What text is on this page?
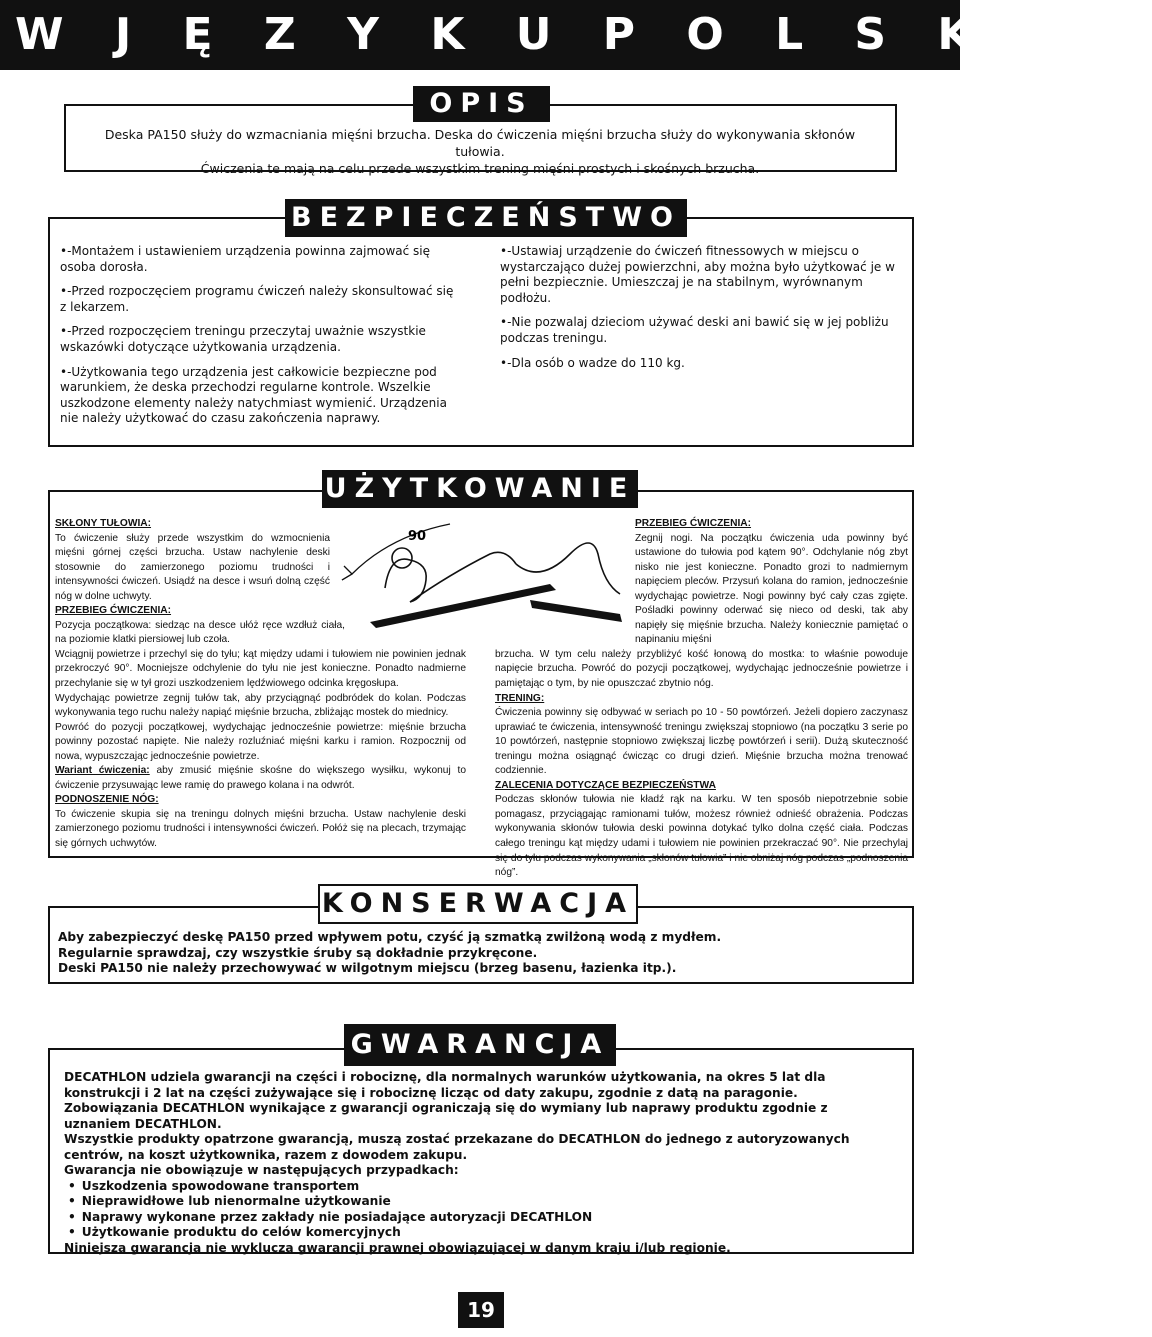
W J Ę Z Y K U P O L S K I M
OPIS

Deska PA150 służy do wzmacniania mięśni brzucha. Deska do ćwiczenia mięśni brzucha służy do wykonywania skłonów tułowia.

Ćwiczenia te mają na celu przede wszystkim trening mięśni prostych i skośnych brzucha.

BEZPIECZEŃSTWO

•-Montażem i ustawieniem urządzenia powinna zajmować się osoba dorosła.

•-Przed rozpoczęciem programu ćwiczeń należy skonsultować się z lekarzem.

•-Przed rozpoczęciem treningu przeczytaj uważnie wszystkie wskazówki dotyczące użytkowania urządzenia.

•-Użytkowania tego urządzenia jest całkowicie bezpieczne pod warunkiem, że deska przechodzi regularne kontrole. Wszelkie uszkodzone elementy należy natychmiast wymienić. Urządzenia nie należy użytkować do czasu zakończenia naprawy.

•-Ustawiaj urządzenie do ćwiczeń fitnessowych w miejscu o wystarczająco dużej powierzchni, aby można było użytkować je w pełni bezpiecznie. Umieszczaj je na stabilnym, wyrównanym podłożu.

•-Nie pozwalaj dzieciom używać deski ani bawić się w jej pobliżu podczas treningu.

•-Dla osób o wadze do 110 kg.

UŻYTKOWANIE
90

SKŁONY TUŁOWIA:

To ćwiczenie służy przede wszystkim do wzmocnienia mięśni górnej części brzucha. Ustaw nachylenie deski stosownie do zamierzonego poziomu trudności i intensywności ćwiczeń. Usiądź na desce i wsuń dolną część nóg w dolne uchwyty.

PRZEBIEG ĆWICZENIA:

Pozycja początkowa: siedząc na desce ułóż ręce wzdłuż ciała, na poziomie klatki piersiowej lub czoła.

Wciągnij powietrze i przechyl się do tyłu; kąt między udami i tułowiem nie powinien jednak przekroczyć 90°. Mocniejsze odchylenie do tyłu nie jest konieczne. Ponadto nadmierne przechylanie się w tył grozi uszkodzeniem lędźwiowego odcinka kręgosłupa.

Wydychając powietrze zegnij tułów tak, aby przyciągnąć podbródek do kolan. Podczas wykonywania tego ruchu należy napiąć mięśnie brzucha, zbliżając mostek do miednicy.

Powróć do pozycji początkowej, wydychając jednocześnie powietrze: mięśnie brzucha powinny pozostać napięte. Nie należy rozluźniać mięśni karku i ramion. Rozpocznij od nowa, wypuszczając jednocześnie powietrze.

Wariant ćwiczenia: aby zmusić mięśnie skośne do większego wysiłku, wykonuj to ćwiczenie przysuwając lewe ramię do prawego kolana i na odwrót.

PODNOSZENIE NÓG:

To ćwiczenie skupia się na treningu dolnych mięśni brzucha. Ustaw nachylenie deski zamierzonego poziomu trudności i intensywności ćwiczeń. Połóż się na plecach, trzymając się górnych uchwytów.

PRZEBIEG ĆWICZENIA:

Zegnij nogi. Na początku ćwiczenia uda powinny być ustawione do tułowia pod kątem 90°. Odchylanie nóg zbyt nisko nie jest konieczne. Ponadto grozi to nadmiernym napięciem pleców. Przysuń kolana do ramion, jednocześnie wydychając powietrze. Nogi powinny być cały czas zgięte. Pośladki powinny oderwać się nieco od deski, tak aby napięły się mięśnie brzucha. Należy koniecznie pamiętać o napinaniu mięśni

brzucha. W tym celu należy przybliżyć kość łonową do mostka: to właśnie powoduje napięcie brzucha. Powróć do pozycji początkowej, wydychając jednocześnie powietrze i pamiętając o tym, by nie opuszczać zbytnio nóg.

TRENING:

Ćwiczenia powinny się odbywać w seriach po 10 - 50 powtórzeń. Jeżeli dopiero zaczynasz uprawiać te ćwiczenia, intensywność treningu zwiększaj stopniowo (na początku 3 serie po 10 powtórzeń, następnie stopniowo zwiększaj liczbę powtórzeń i serii). Dużą skuteczność treningu można osiągnąć ćwicząc co drugi dzień. Mięśnie brzucha można trenować codziennie.

ZALECENIA DOTYCZĄCE BEZPIECZEŃSTWA

Podczas skłonów tułowia nie kładź rąk na karku. W ten sposób niepotrzebnie sobie pomagasz, przyciągając ramionami tułów, możesz również odnieść obrażenia. Podczas wykonywania skłonów tułowia deski powinna dotykać tylko dolna część ciała. Podczas całego treningu kąt między udami i tułowiem nie powinien przekraczać 90°. Nie przechylaj się do tyłu podczas wykonywania „skłonów tułowia” i nie obniżaj nóg podczas „podnoszenia nóg”.

KONSERWACJA

Aby zabezpieczyć deskę PA150 przed wpływem potu, czyść ją szmatką zwilżoną wodą z mydłem.

Regularnie sprawdzaj, czy wszystkie śruby są dokładnie przykręcone.

Deski PA150 nie należy przechowywać w wilgotnym miejscu (brzeg basenu, łazienka itp.).

GWARANCJA

DECATHLON udziela gwarancji na części i robociznę, dla normalnych warunków użytkowania, na okres 5 lat dla konstrukcji i 2 lat na części zużywające się i robociznę licząc od daty zakupu, zgodnie z datą na paragonie. Zobowiązania DECATHLON wynikające z gwarancji ograniczają się do wymiany lub naprawy produktu zgodnie z uznaniem DECATHLON.

Wszystkie produkty opatrzone gwarancją, muszą zostać przekazane do DECATHLON do jednego z autoryzowanych centrów, na koszt użytkownika, razem z dowodem zakupu.

Gwarancja nie obowiązuje w następujących przypadkach:

• Uszkodzenia spowodowane transportem
• Nieprawidłowe lub nienormalne użytkowanie
• Naprawy wykonane przez zakłady nie posiadające autoryzacji DECATHLON
• Użytkowanie produktu do celów komercyjnych

Niniejsza gwarancja nie wyklucza gwarancji prawnej obowiązującej w danym kraju i/lub regionie.

19
